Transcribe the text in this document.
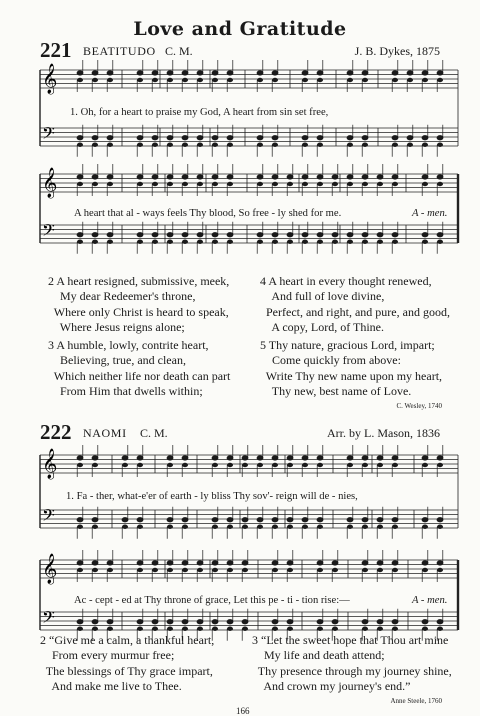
Love and Gratitude
221 BEATITUDO C. M.	J. B. Dykes, 1875
𝄞
𝄢
𝄞
𝄢
𝄞
𝄢
𝄞
𝄢
1. Oh, for a heart to praise my God, A heart from sin set free,
A heart that al - ways feels Thy blood, So free - ly shed for me.	A - men.
2 A heart resigned, submissive, meek,
My dear Redeemer's throne,
Where only Christ is heard to speak,
Where Jesus reigns alone;
3 A humble, lowly, contrite heart,
Believing, true, and clean,
Which neither life nor death can part
From Him that dwells within;
4 A heart in every thought renewed,
And full of love divine,
Perfect, and right, and pure, and good,
A copy, Lord, of Thine.
5 Thy nature, gracious Lord, impart;
Come quickly from above:
Write Thy new name upon my heart,
Thy new, best name of Love.
C. Wesley, 1740
222 NAOMI C. M.	Arr. by L. Mason, 1836
1. Fa - ther, what-e'er of earth - ly bliss Thy sov'- reign will de - nies,
Ac - cept - ed at Thy throne of grace, Let this pe - ti - tion rise:—	A - men.
2 “Give me a calm, a thankful heart,
From every murmur free;
The blessings of Thy grace impart,
And make me live to Thee.
3 “Let the sweet hope that Thou art mine
My life and death attend;
Thy presence through my journey shine,
And crown my journey's end.”
Anne Steele, 1760
166
